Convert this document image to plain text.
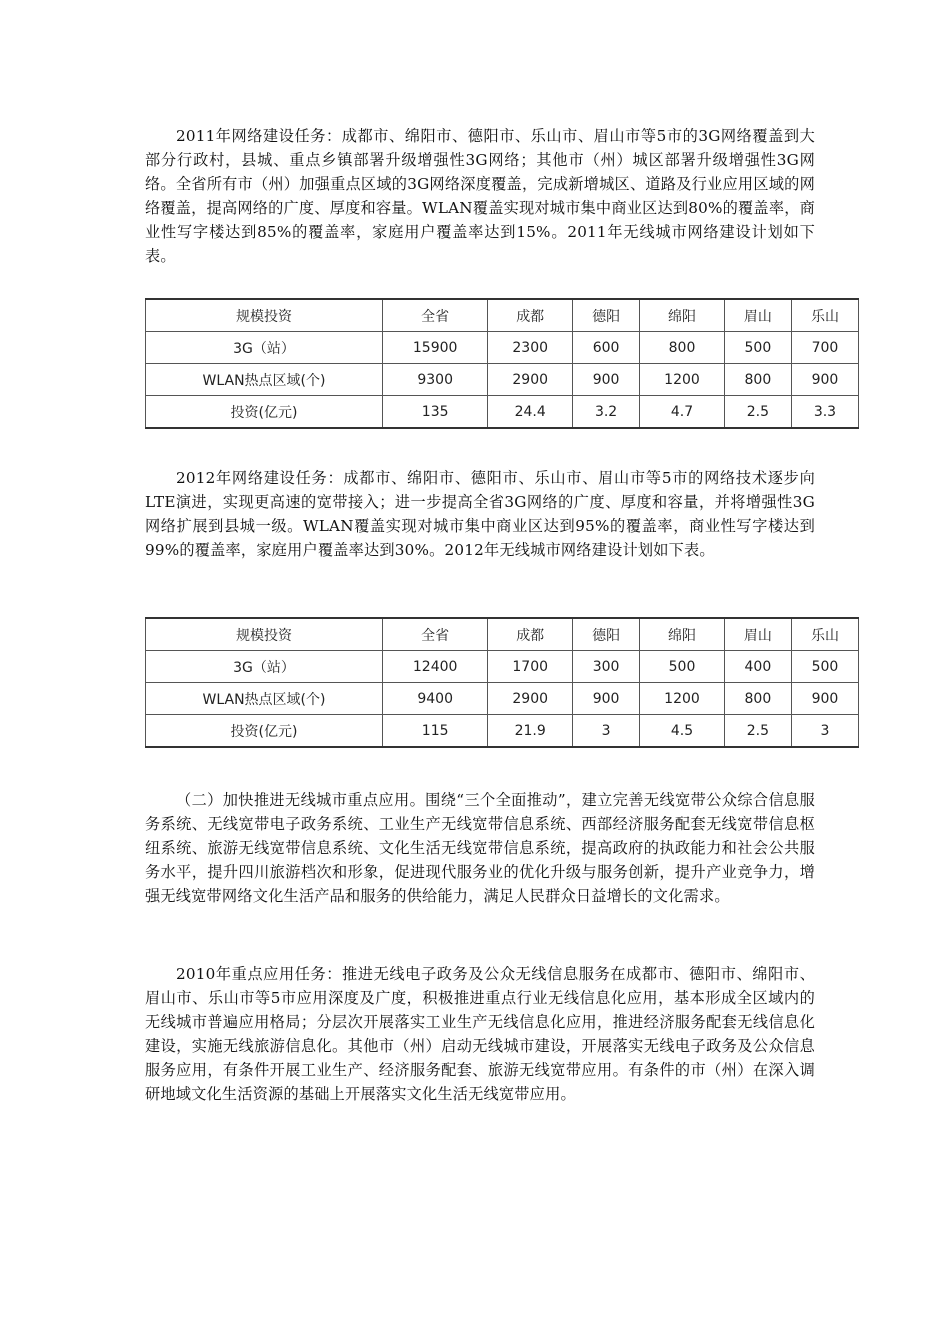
2011年网络建设任务：成都市、绵阳市、德阳市、乐山市、眉山市等5市的3G网络覆盖到大部分行政村，县城、重点乡镇部署升级增强性3G网络；其他市（州）城区部署升级增强性3G网络。全省所有市（州）加强重点区域的3G网络深度覆盖，完成新增城区、道路及行业应用区域的网络覆盖，提高网络的广度、厚度和容量。WLAN覆盖实现对城市集中商业区达到80%的覆盖率，商业性写字楼达到85%的覆盖率，家庭用户覆盖率达到15%。2011年无线城市网络建设计划如下表。

规模投资	全省	成都	德阳	绵阳	眉山	乐山
3G（站）	15900	2300	600	800	500	700
WLAN热点区域(个)	9300	2900	900	1200	800	900
投资(亿元)	135	24.4	3.2	4.7	2.5	3.3

2012年网络建设任务：成都市、绵阳市、德阳市、乐山市、眉山市等5市的网络技术逐步向LTE演进，实现更高速的宽带接入；进一步提高全省3G网络的广度、厚度和容量，并将增强性3G网络扩展到县城一级。WLAN覆盖实现对城市集中商业区达到95%的覆盖率，商业性写字楼达到99%的覆盖率，家庭用户覆盖率达到30%。2012年无线城市网络建设计划如下表。

规模投资	全省	成都	德阳	绵阳	眉山	乐山
3G（站）	12400	1700	300	500	400	500
WLAN热点区域(个)	9400	2900	900	1200	800	900
投资(亿元)	115	21.9	3	4.5	2.5	3

（二）加快推进无线城市重点应用。围绕“三个全面推动”，建立完善无线宽带公众综合信息服务系统、无线宽带电子政务系统、工业生产无线宽带信息系统、西部经济服务配套无线宽带信息枢纽系统、旅游无线宽带信息系统、文化生活无线宽带信息系统，提高政府的执政能力和社会公共服务水平，提升四川旅游档次和形象，促进现代服务业的优化升级与服务创新，提升产业竞争力，增强无线宽带网络文化生活产品和服务的供给能力，满足人民群众日益增长的文化需求。

2010年重点应用任务：推进无线电子政务及公众无线信息服务在成都市、德阳市、绵阳市、眉山市、乐山市等5市应用深度及广度，积极推进重点行业无线信息化应用，基本形成全区域内的无线城市普遍应用格局；分层次开展落实工业生产无线信息化应用，推进经济服务配套无线信息化建设，实施无线旅游信息化。其他市（州）启动无线城市建设，开展落实无线电子政务及公众信息服务应用，有条件开展工业生产、经济服务配套、旅游无线宽带应用。有条件的市（州）在深入调研地域文化生活资源的基础上开展落实文化生活无线宽带应用。
